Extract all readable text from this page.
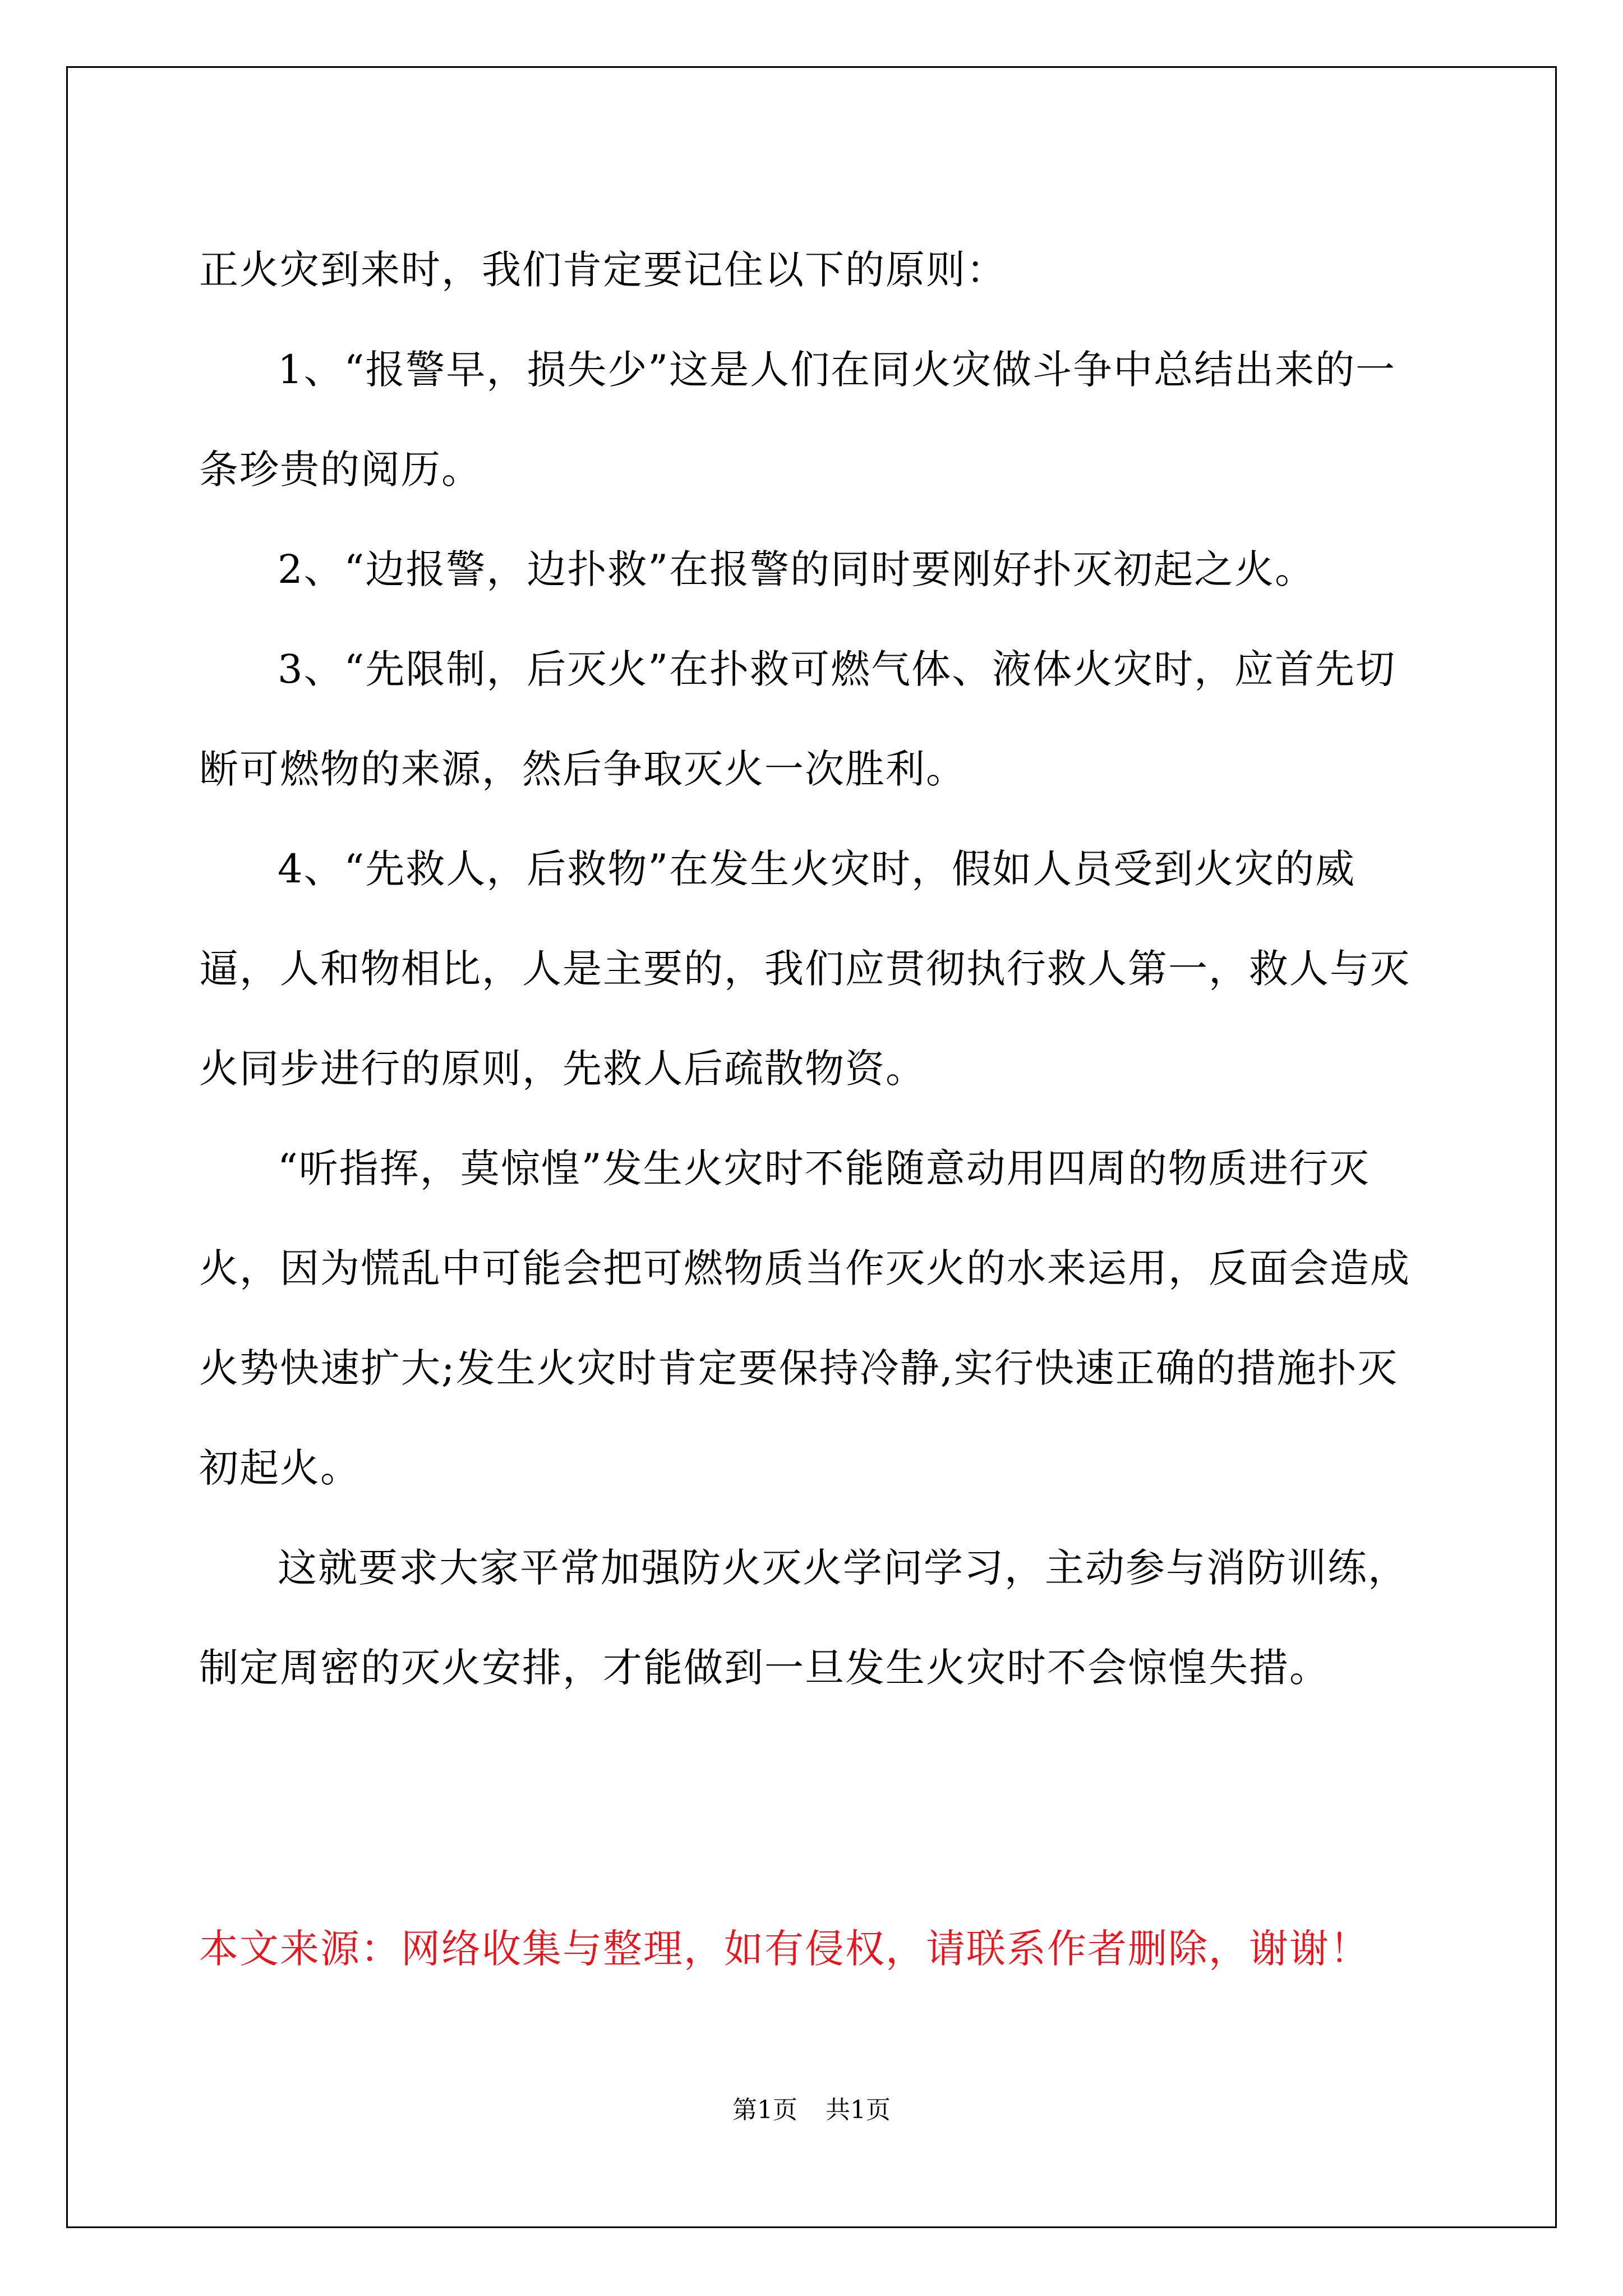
正火灾到来时，我们肯定要记住以下的原则：

1、“报警早，损失少”这是人们在同火灾做斗争中总结出来的一条珍贵的阅历。

2、“边报警，边扑救”在报警的同时要刚好扑灭初起之火。

3、“先限制，后灭火”在扑救可燃气体、液体火灾时，应首先切断可燃物的来源，然后争取灭火一次胜利。

4、“先救人，后救物”在发生火灾时，假如人员受到火灾的威逼，人和物相比，人是主要的，我们应贯彻执行救人第一，救人与灭火同步进行的原则，先救人后疏散物资。

“听指挥，莫惊惶”发生火灾时不能随意动用四周的物质进行灭火，因为慌乱中可能会把可燃物质当作灭火的水来运用，反面会造成火势快速扩大;发生火灾时肯定要保持冷静,实行快速正确的措施扑灭初起火。

这就要求大家平常加强防火灭火学问学习，主动参与消防训练，制定周密的灭火安排，才能做到一旦发生火灾时不会惊惶失措。

本文来源：网络收集与整理，如有侵权，请联系作者删除，谢谢！
第1页 共1页
